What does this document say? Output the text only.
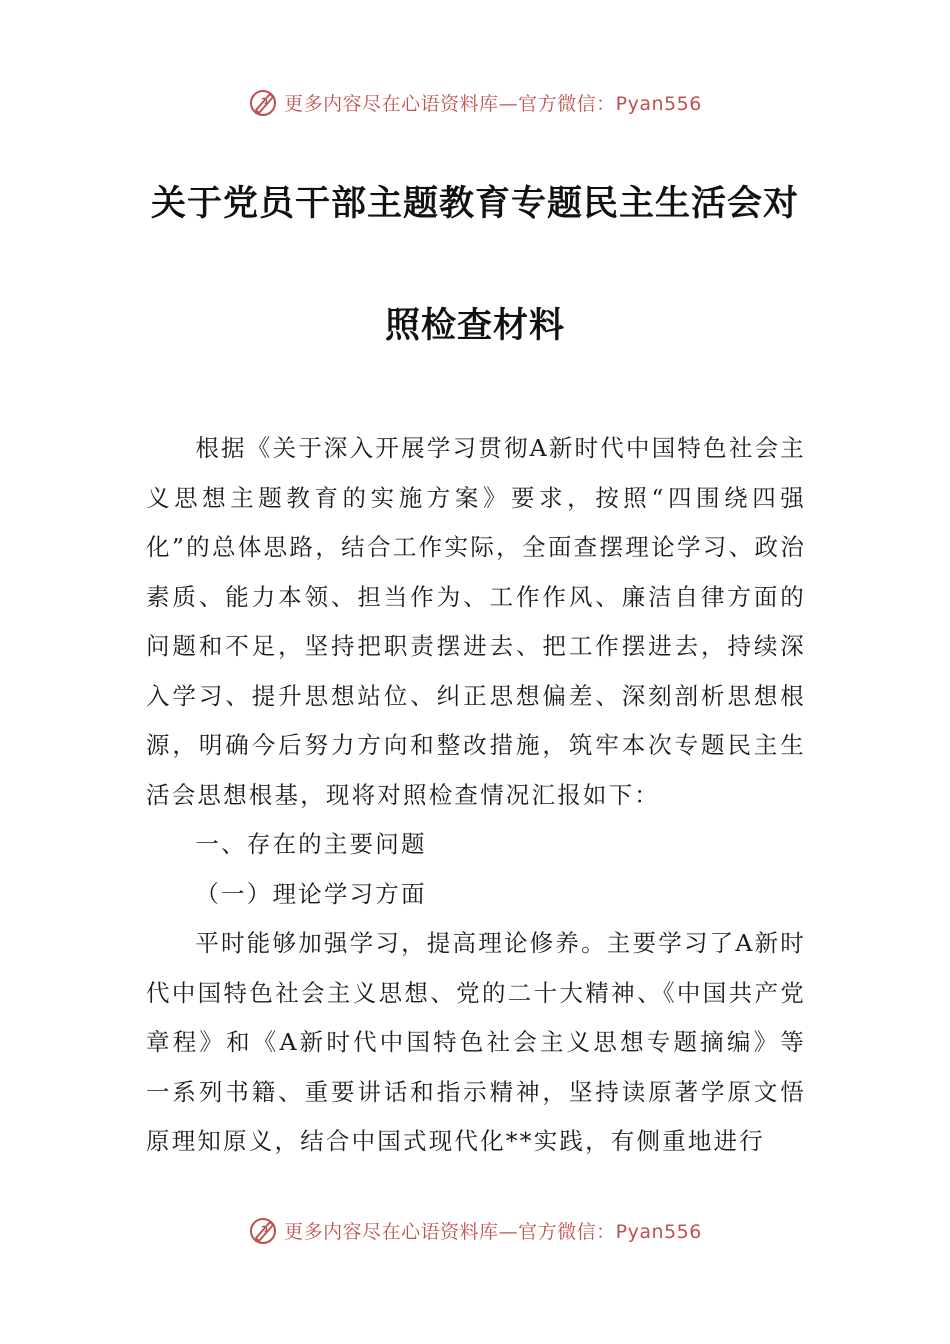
更多内容尽在心语资料库—官方微信：Pyan556
关于党员干部主题教育专题民主生活会对
照检查材料

根据《关于深入开展学习贯彻A新时代中国特色社会主义思想主题教育的实施方案》要求，按照“四围绕四强化”的总体思路，结合工作实际，全面查摆理论学习、政治素质、能力本领、担当作为、工作作风、廉洁自律方面的问题和不足，坚持把职责摆进去、把工作摆进去，持续深入学习、提升思想站位、纠正思想偏差、深刻剖析思想根源，明确今后努力方向和整改措施，筑牢本次专题民主生活会思想根基，现将对照检查情况汇报如下：

一、存在的主要问题

（一）理论学习方面

平时能够加强学习，提高理论修养。主要学习了A新时代中国特色社会主义思想、党的二十大精神、《中国共产党章程》和《A新时代中国特色社会主义思想专题摘编》等一系列书籍、重要讲话和指示精神，坚持读原著学原文悟原理知原义，结合中国式现代化**实践，有侧重地进行

更多内容尽在心语资料库—官方微信：Pyan556
